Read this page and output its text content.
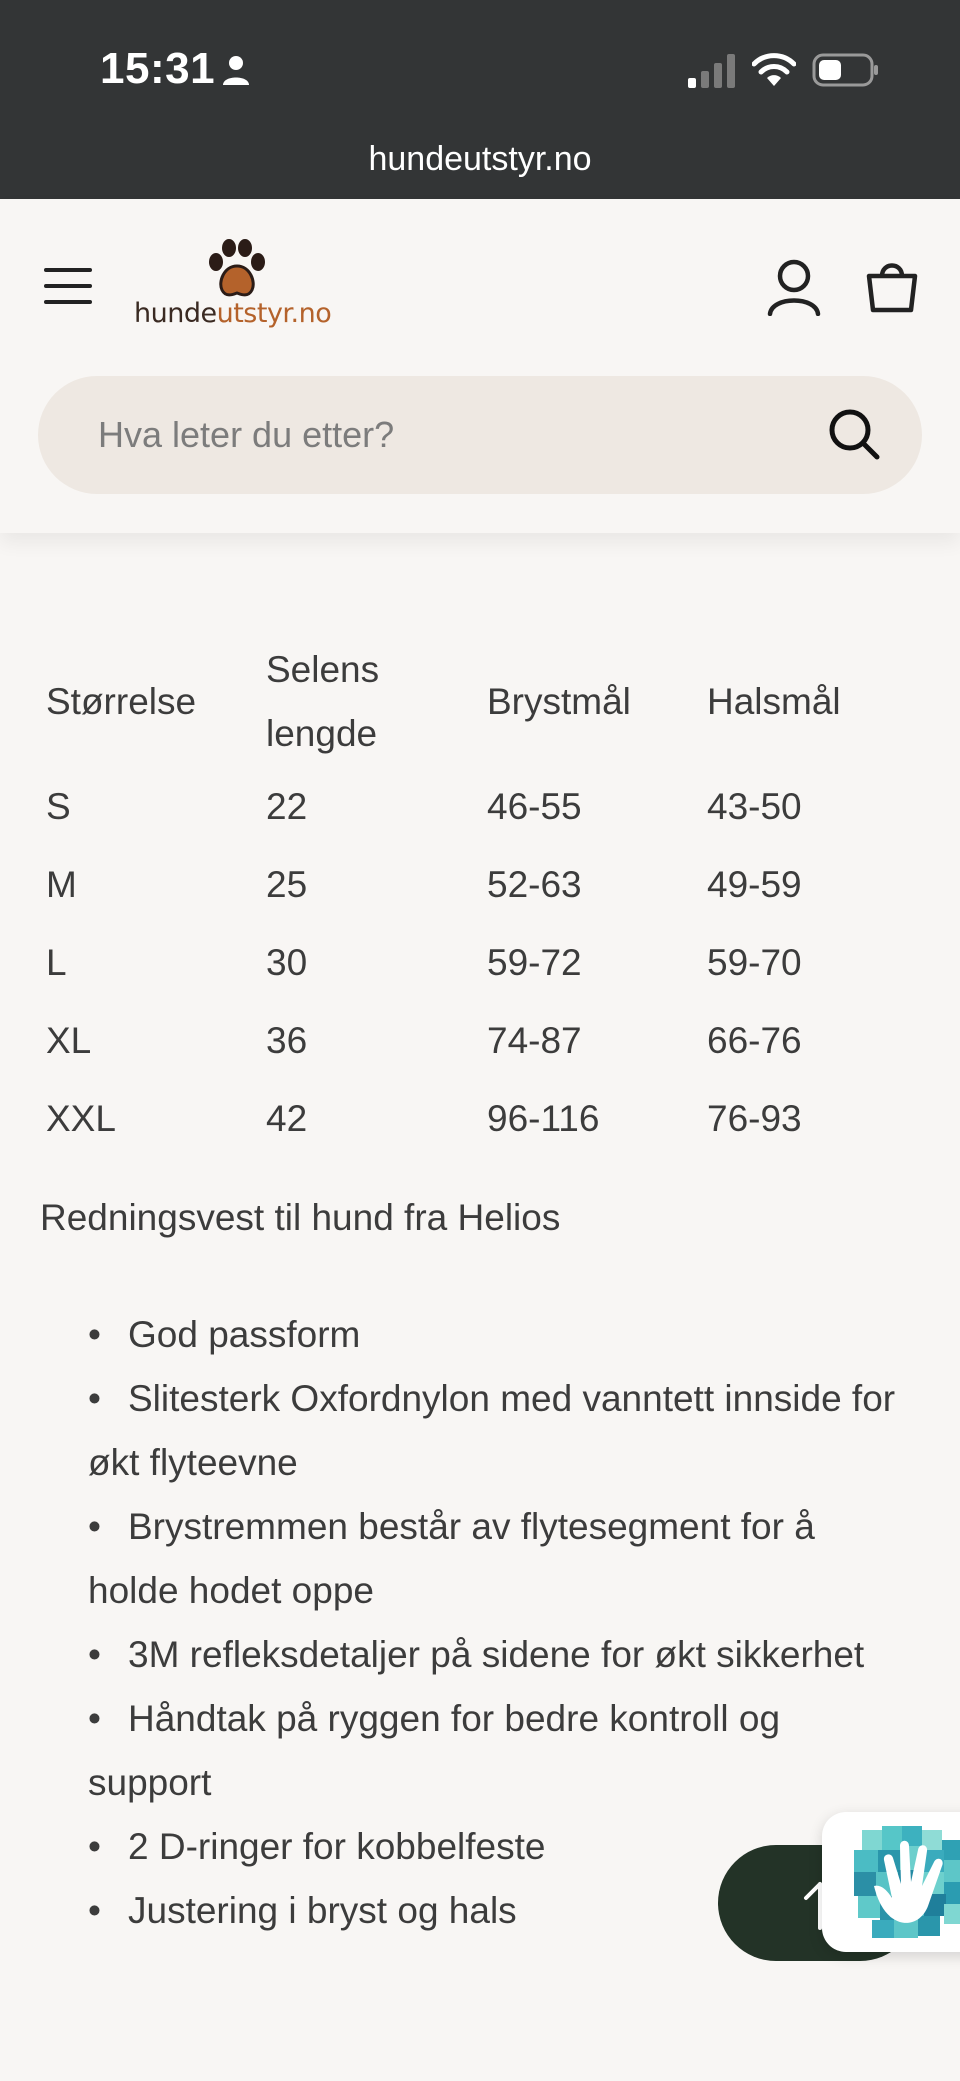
15:31
hundeutstyr.no
hundeutstyr.no
Hva leter du etter?
Størrelse	Selens lengde	Brystmål	Halsmål
S	22	46-55	43-50
M	25	52-63	49-59
L	30	59-72	59-70
XL	36	74-87	66-76
XXL	42	96-116	76-93
Redningsvest til hund fra Helios
• God passform
• Slitesterk Oxfordnylon med vanntett innside for økt flyteevne
• Brystremmen består av flytesegment for å holde hodet oppe
• 3M refleksdetaljer på sidene for økt sikkerhet
• Håndtak på ryggen for bedre kontroll og support
• 2 D-ringer for kobbelfeste
• Justering i bryst og hals
